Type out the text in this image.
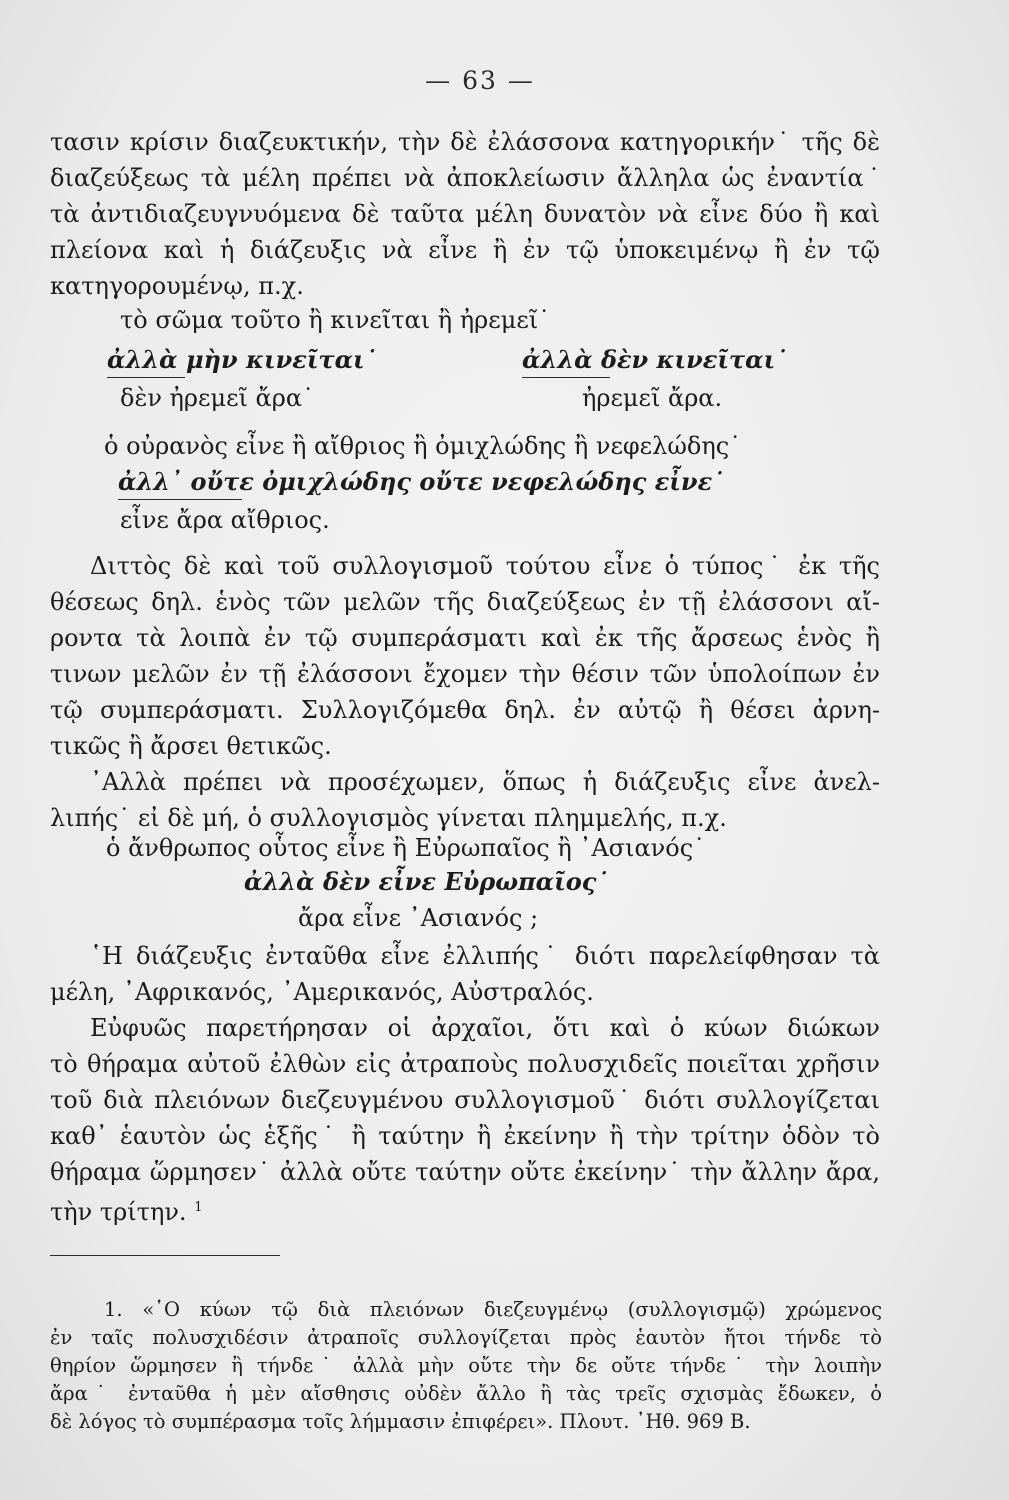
— 63 —
τασιν κρίσιν διαζευκτικήν, τὴν δὲ ἐλάσσονα κατηγορικήν˙ τῆς δὲ
διαζεύξεως τὰ μέλη πρέπει νὰ ἀποκλείωσιν ἄλληλα ὡς ἐναντία˙
τὰ ἀντιδιαζευγνυόμενα δὲ ταῦτα μέλη δυνατὸν νὰ εἶνε δύο ἢ καὶ
πλείονα καὶ ἡ διάζευξις νὰ εἶνε ἢ ἐν τῷ ὑποκειμένῳ ἢ ἐν τῷ
κατηγορουμένῳ, π.χ.
τὸ σῶμα τοῦτο ἢ κινεῖται ἢ ἠρεμεῖ˙
ἀλλὰ μὴν κινεῖται˙	ἀλλὰ δὲν κινεῖται˙
δὲν ἠρεμεῖ ἄρα˙	ἠρεμεῖ ἄρα.
ὁ οὐρανὸς εἶνε ἢ αἴθριος ἢ ὀμιχλώδης ἢ νεφελώδης˙
ἀλλ᾽ οὔτε ὀμιχλώδης οὔτε νεφελώδης εἶνε˙
εἶνε ἄρα αἴθριος.
Διττὸς δὲ καὶ τοῦ συλλογισμοῦ τούτου εἶνε ὁ τύπος˙ ἐκ τῆς
θέσεως δηλ. ἑνὸς τῶν μελῶν τῆς διαζεύξεως ἐν τῇ ἐλάσσονι αἴ-
ροντα τὰ λοιπὰ ἐν τῷ συμπεράσματι καὶ ἐκ τῆς ἄρσεως ἑνὸς ἢ
τινων μελῶν ἐν τῇ ἐλάσσονι ἔχομεν τὴν θέσιν τῶν ὑπολοίπων ἐν
τῷ συμπεράσματι. Συλλογιζόμεθα δηλ. ἐν αὐτῷ ἢ θέσει ἀρνη-
τικῶς ἢ ἄρσει θετικῶς.
᾽Αλλὰ πρέπει νὰ προσέχωμεν, ὅπως ἡ διάζευξις εἶνε ἀνελ-
λιπής˙ εἰ δὲ μή, ὁ συλλογισμὸς γίνεται πλημμελής, π.χ.
ὁ ἄνθρωπος οὗτος εἶνε ἢ Εὐρωπαῖος ἢ ᾽Ασιανός˙
ἀλλὰ δὲν εἶνε Εὐρωπαῖος˙
ἄρα εἶνε ᾽Ασιανός ;
῾Η διάζευξις ἐνταῦθα εἶνε ἐλλιπής˙ διότι παρελείφθησαν τὰ
μέλη, ᾽Αφρικανός, ᾽Αμερικανός, Αὐστραλός.
Εὐφυῶς παρετήρησαν οἱ ἀρχαῖοι, ὅτι καὶ ὁ κύων διώκων
τὸ θήραμα αὐτοῦ ἐλθὼν εἰς ἀτραποὺς πολυσχιδεῖς ποιεῖται χρῆσιν
τοῦ διὰ πλειόνων διεζευγμένου συλλογισμοῦ˙ διότι συλλογίζεται
καθ᾽ ἑαυτὸν ὡς ἑξῆς˙ ἢ ταύτην ἢ ἐκείνην ἢ τὴν τρίτην ὁδὸν τὸ
θήραμα ὥρμησεν˙ ἀλλὰ οὔτε ταύτην οὔτε ἐκείνην˙ τὴν ἄλλην ἄρα,
τὴν τρίτην. $^1$
1. «῾Ο κύων τῷ διὰ πλειόνων διεζευγμένῳ (συλλογισμῷ) χρώμενος
ἐν ταῖς πολυσχιδέσιν ἀτραποῖς συλλογίζεται πρὸς ἑαυτὸν ἤτοι τήνδε τὸ
θηρίον ὥρμησεν ἢ τήνδε˙ ἀλλὰ μὴν οὔτε τὴν δε οὔτε τήνδε˙ τὴν λοιπὴν
ἄρα˙ ἐνταῦθα ἡ μὲν αἴσθησις οὐδὲν ἄλλο ἢ τὰς τρεῖς σχισμὰς ἔδωκεν, ὁ
δὲ λόγος τὸ συμπέρασμα τοῖς λήμμασιν ἐπιφέρει». Πλουτ. ᾽Ηθ. 969 Β.
